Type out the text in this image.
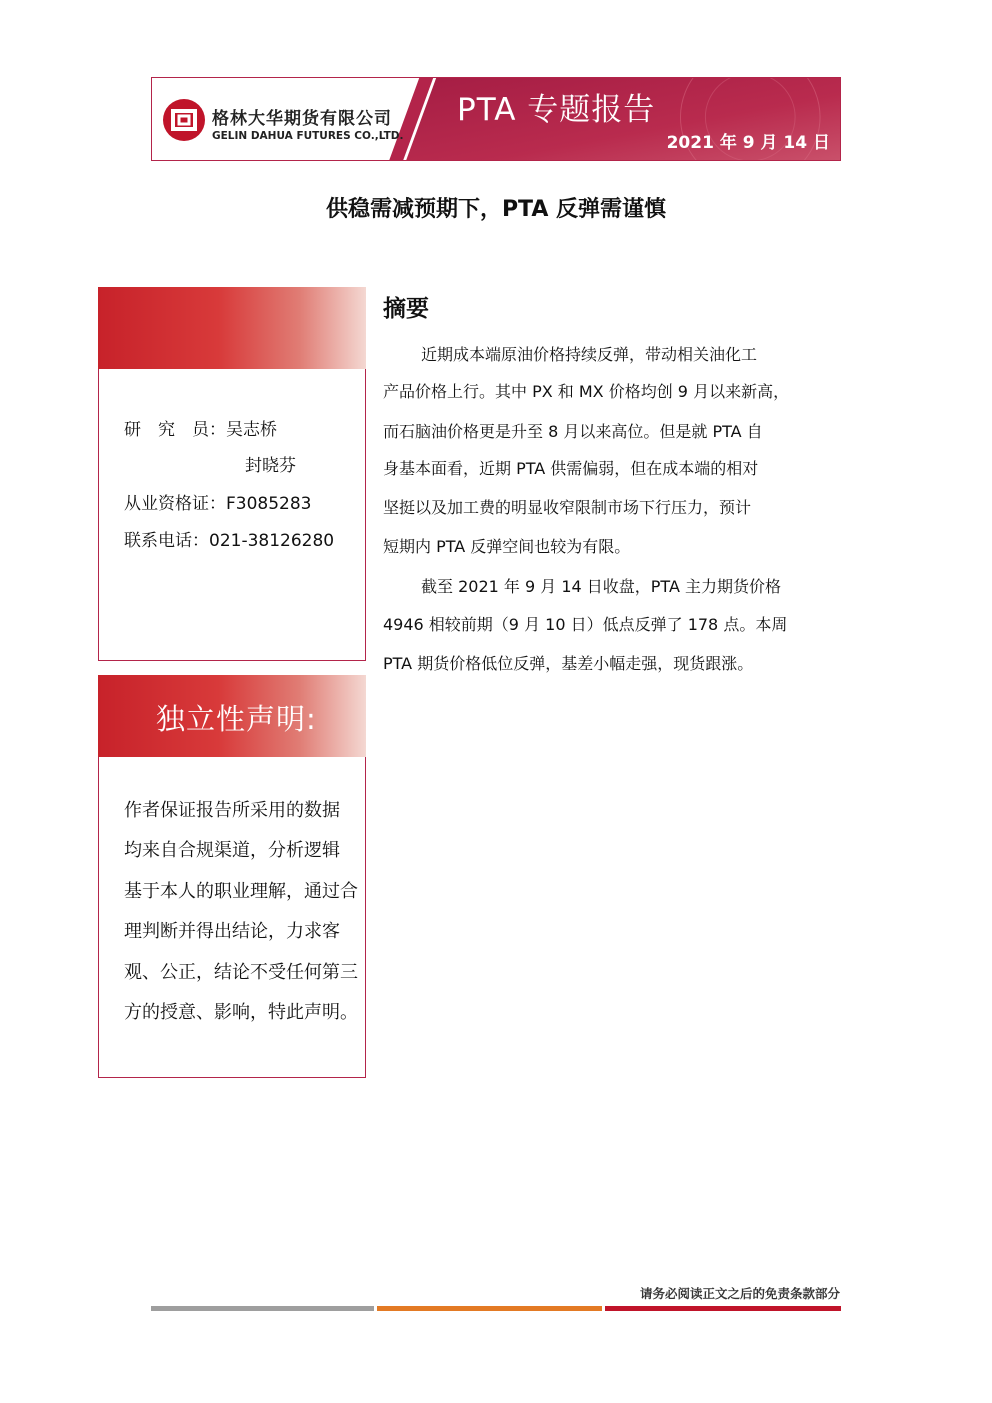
格林大华期货有限公司
GELIN DAHUA FUTURES CO.,LTD.
PTA 专题报告
2021 年 9 月 14 日
供稳需减预期下，PTA 反弹需谨慎
研　究　员：吴志桥
封晓芬
从业资格证：F3085283
联系电话：021-38126280
独立性声明:
作者保证报告所采用的数据
均来自合规渠道，分析逻辑
基于本人的职业理解，通过合
理判断并得出结论，力求客
观、公正，结论不受任何第三
方的授意、影响，特此声明。
摘要
近期成本端原油价格持续反弹，带动相关油化工
产品价格上行。其中 PX 和 MX 价格均创 9 月以来新高，
而石脑油价格更是升至 8 月以来高位。但是就 PTA 自
身基本面看，近期 PTA 供需偏弱，但在成本端的相对
坚挺以及加工费的明显收窄限制市场下行压力，预计
短期内 PTA 反弹空间也较为有限。
截至 2021 年 9 月 14 日收盘，PTA 主力期货价格
4946 相较前期（9 月 10 日）低点反弹了 178 点。本周
PTA 期货价格低位反弹，基差小幅走强，现货跟涨。
请务必阅读正文之后的免责条款部分
